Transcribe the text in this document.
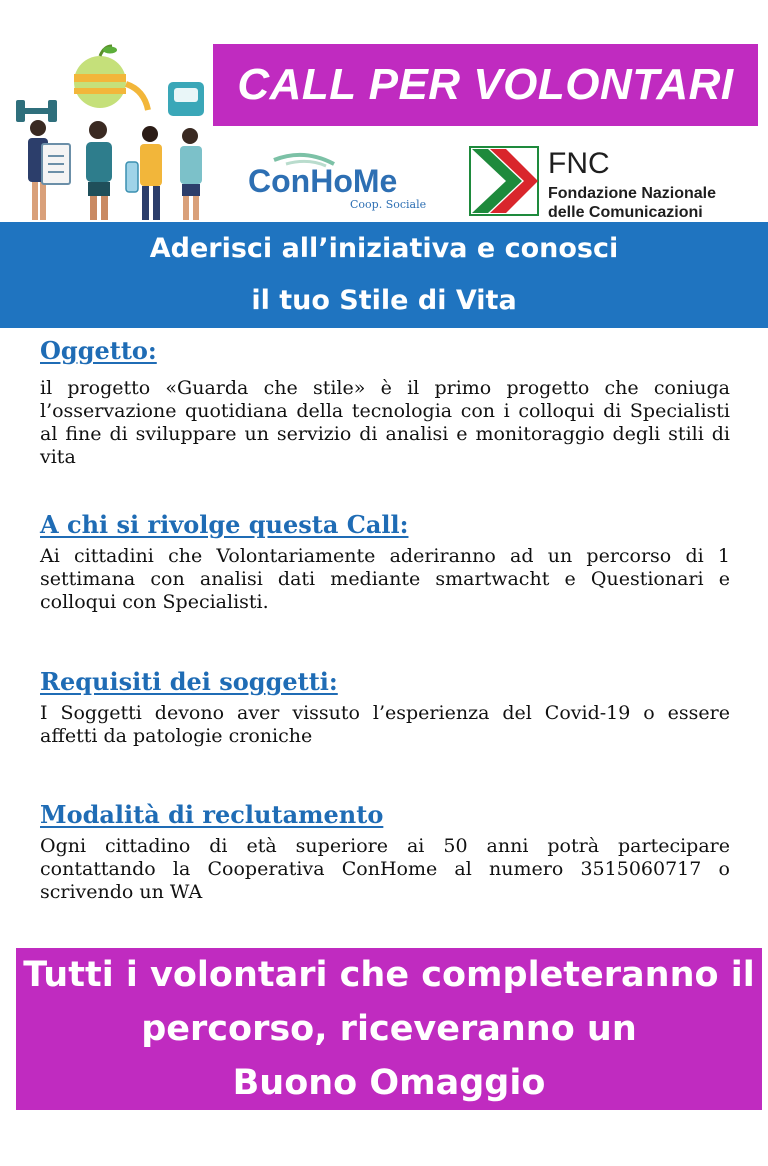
CALL PER VOLONTARI
ConHoMe
Coop. Sociale
FNC
Fondazione Nazionale
delle Comunicazioni
Aderisci all’iniziativa e conosci
il tuo Stile di Vita
Oggetto:

il progetto «Guarda che stile» è il primo progetto che coniuga l’osservazione quotidiana della tecnologia con i colloqui di Specialisti al fine di sviluppare un servizio di analisi e monitoraggio degli stili di vita

A chi si rivolge questa Call:

Ai cittadini che Volontariamente aderiranno ad un percorso di 1 settimana con analisi dati mediante smartwacht e Questionari e colloqui con Specialisti.

Requisiti dei soggetti:

I Soggetti devono aver vissuto l’esperienza del Covid-19 o essere affetti da patologie croniche

Modalità di reclutamento

Ogni cittadino di età superiore ai 50 anni potrà partecipare contattando la Cooperativa ConHome al numero 3515060717 o scrivendo un WA

Tutti i volontari che completeranno il
percorso, riceveranno un
Buono Omaggio
